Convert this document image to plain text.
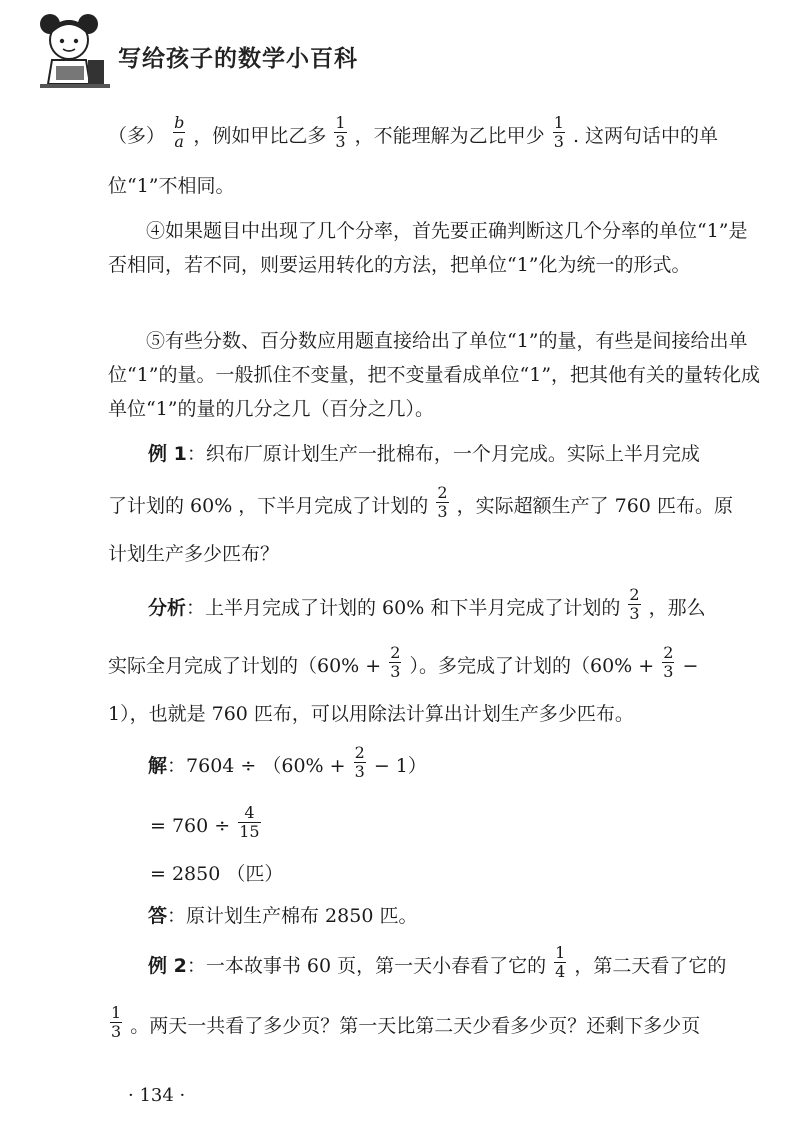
写给孩子的数学小百科
（多） $\frac{b}{a}$ ，例如甲比乙多 $\frac{1}{3}$ ，不能理解为乙比甲少 $\frac{1}{3}$ . 这两句话中的单
位“1”不相同。
④如果题目中出现了几个分率，首先要正确判断这几个分率的单位“1”是否相同，若不同，则要运用转化的方法，把单位“1”化为统一的形式。
⑤有些分数、百分数应用题直接给出了单位“1”的量，有些是间接给出单位“1”的量。一般抓住不变量，把不变量看成单位“1”，把其他有关的量转化成单位“1”的量的几分之几（百分之几）。
例 1：织布厂原计划生产一批棉布，一个月完成。实际上半月完成
了计划的 60% ，下半月完成了计划的 $\frac{2}{3}$ ，实际超额生产了 760 匹布。原
计划生产多少匹布？
分析：上半月完成了计划的 60% 和下半月完成了计划的 $\frac{2}{3}$ ，那么
实际全月完成了计划的（$60\% + \frac{2}{3}$ ）。多完成了计划的（$60\% + \frac{2}{3}$ −
1），也就是 760 匹布，可以用除法计算出计划生产多少匹布。
解：$7604 \div (60\% + \frac{2}{3} - 1)$
= $760 \div \frac{4}{15}$
= 2850 （匹）
答：原计划生产棉布 2850 匹。
例 2：一本故事书 60 页，第一天小春看了它的 $\frac{1}{4}$ ，第二天看了它的
$\frac{1}{3}$ 。两天一共看了多少页？第一天比第二天少看多少页？还剩下多少页
· 134 ·
